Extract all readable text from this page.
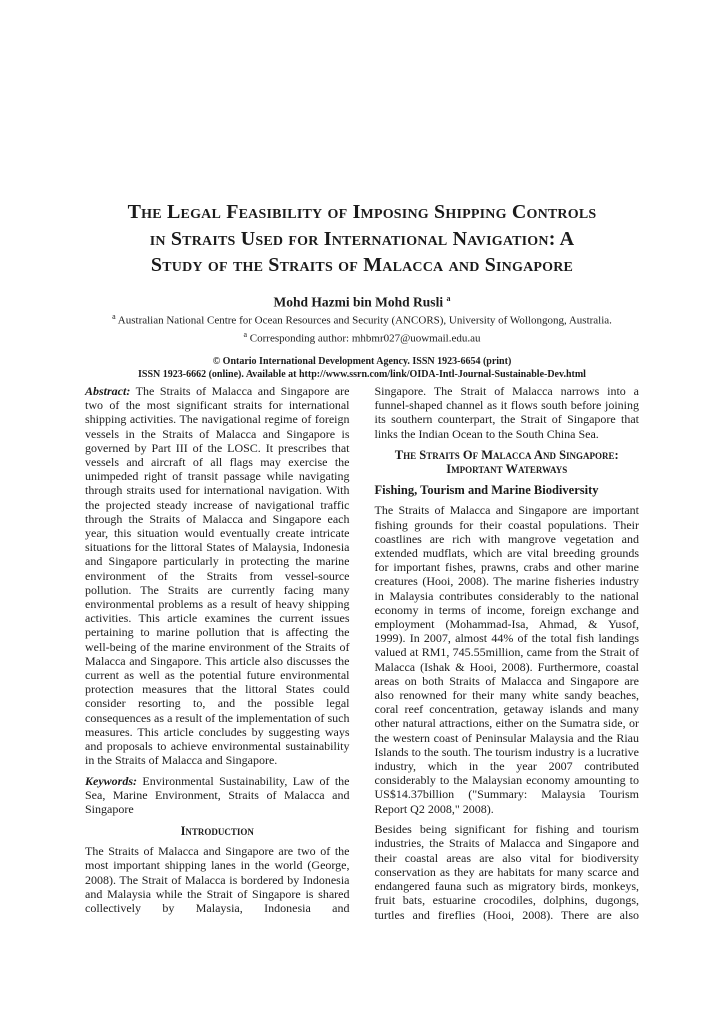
The Legal Feasibility of Imposing Shipping Controls
in Straits Used for International Navigation: A
Study of the Straits of Malacca and Singapore
Mohd Hazmi bin Mohd Rusli $^a$
$^a$ Australian National Centre for Ocean Resources and Security (ANCORS), University of Wollongong, Australia.
$^a$ Corresponding author: mhbmr027@uowmail.edu.au
© Ontario International Development Agency. ISSN 1923-6654 (print)
ISSN 1923-6662 (online). Available at http://www.ssrn.com/link/OIDA-Intl-Journal-Sustainable-Dev.html

Abstract: The Straits of Malacca and Singapore are two of the most significant straits for international shipping activities. The navigational regime of foreign vessels in the Straits of Malacca and Singapore is governed by Part III of the LOSC. It prescribes that vessels and aircraft of all flags may exercise the unimpeded right of transit passage while navigating through straits used for international navigation. With the projected steady increase of navigational traffic through the Straits of Malacca and Singapore each year, this situation would eventually create intricate situations for the littoral States of Malaysia, Indonesia and Singapore particularly in protecting the marine environment of the Straits from vessel-source pollution. The Straits are currently facing many environmental problems as a result of heavy shipping activities. This article examines the current issues pertaining to marine pollution that is affecting the well-being of the marine environment of the Straits of Malacca and Singapore. This article also discusses the current as well as the potential future environmental protection measures that the littoral States could consider resorting to, and the possible legal consequences as a result of the implementation of such measures. This article concludes by suggesting ways and proposals to achieve environmental sustainability in the Straits of Malacca and Singapore.

Keywords: Environmental Sustainability, Law of the Sea, Marine Environment, Straits of Malacca and Singapore

Introduction

The Straits of Malacca and Singapore are two of the most important shipping lanes in the world (George, 2008). The Strait of Malacca is bordered by Indonesia and Malaysia while the Strait of Singapore is shared collectively by Malaysia, Indonesia and

Singapore. The Strait of Malacca narrows into a funnel-shaped channel as it flows south before joining its southern counterpart, the Strait of Singapore that links the Indian Ocean to the South China Sea.

The Straits Of Malacca And Singapore:
Important Waterways
Fishing, Tourism and Marine Biodiversity

The Straits of Malacca and Singapore are important fishing grounds for their coastal populations. Their coastlines are rich with mangrove vegetation and extended mudflats, which are vital breeding grounds for important fishes, prawns, crabs and other marine creatures (Hooi, 2008). The marine fisheries industry in Malaysia contributes considerably to the national economy in terms of income, foreign exchange and employment (Mohammad-Isa, Ahmad, & Yusof, 1999). In 2007, almost 44% of the total fish landings valued at RM1, 745.55million, came from the Strait of Malacca (Ishak & Hooi, 2008). Furthermore, coastal areas on both Straits of Malacca and Singapore are also renowned for their many white sandy beaches, coral reef concentration, getaway islands and many other natural attractions, either on the Sumatra side, or the western coast of Peninsular Malaysia and the Riau Islands to the south. The tourism industry is a lucrative industry, which in the year 2007 contributed considerably to the Malaysian economy amounting to US$14.37billion ("Summary: Malaysia Tourism Report Q2 2008," 2008).

Besides being significant for fishing and tourism industries, the Straits of Malacca and Singapore and their coastal areas are also vital for biodiversity conservation as they are habitats for many scarce and endangered fauna such as migratory birds, monkeys, fruit bats, estuarine crocodiles, dolphins, dugongs, turtles and fireflies (Hooi, 2008). There are also
